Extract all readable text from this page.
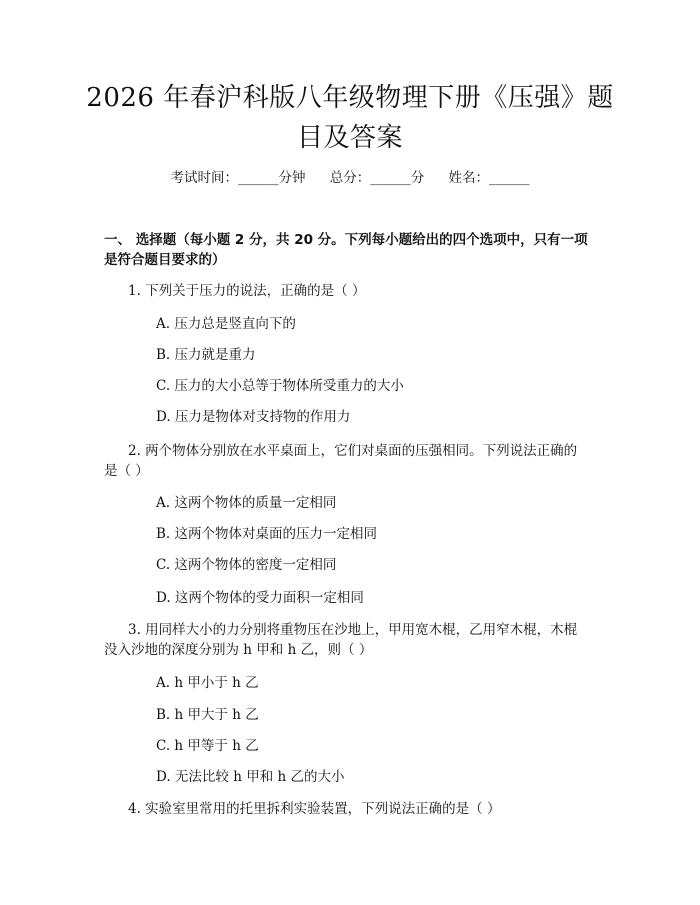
2026 年春沪科版八年级物理下册《压强》题
目及答案
考试时间：______分钟 总分：______分 姓名：______
一、 选择题（每小题 2 分，共 20 分。下列每小题给出的四个选项中，只有一项
是符合题目要求的）
1. 下列关于压力的说法，正确的是（ ）
A. 压力总是竖直向下的
B. 压力就是重力
C. 压力的大小总等于物体所受重力的大小
D. 压力是物体对支持物的作用力
2. 两个物体分别放在水平桌面上，它们对桌面的压强相同。下列说法正确的
是（ ）
A. 这两个物体的质量一定相同
B. 这两个物体对桌面的压力一定相同
C. 这两个物体的密度一定相同
D. 这两个物体的受力面积一定相同
3. 用同样大小的力分别将重物压在沙地上，甲用宽木棍，乙用窄木棍，木棍
没入沙地的深度分别为 h 甲和 h 乙，则（ ）
A. h 甲小于 h 乙
B. h 甲大于 h 乙
C. h 甲等于 h 乙
D. 无法比较 h 甲和 h 乙的大小
4. 实验室里常用的托里拆利实验装置，下列说法正确的是（ ）
